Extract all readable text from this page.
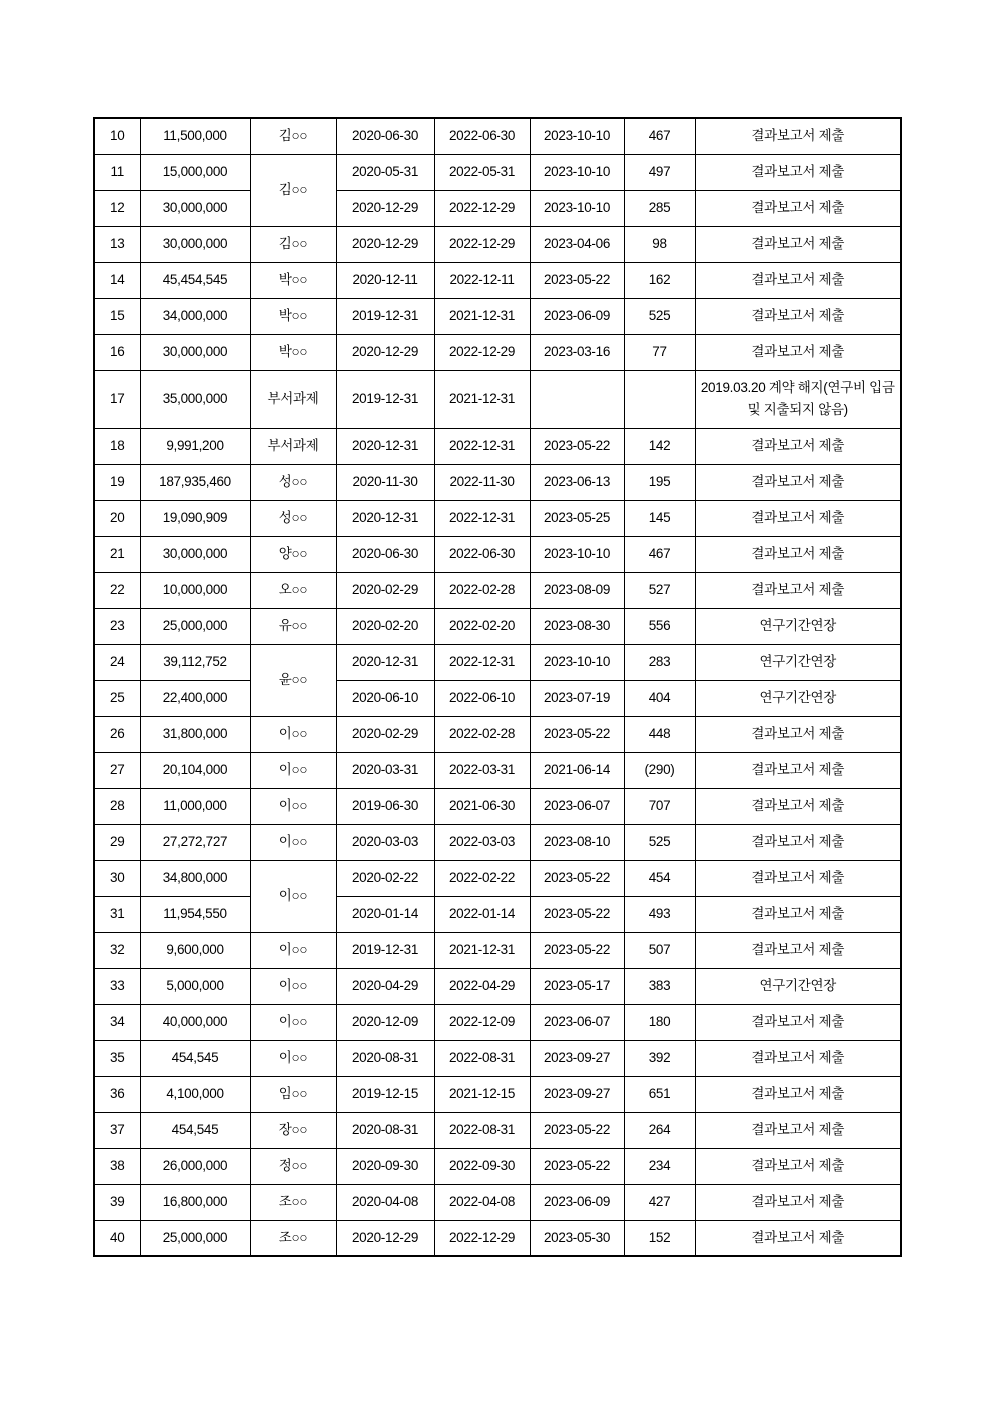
10	11,500,000	김○○	2020-06-30	2022-06-30	2023-10-10	467	결과보고서 제출
11	15,000,000	김○○	2020-05-31	2022-05-31	2023-10-10	497	결과보고서 제출
12	30,000,000		2020-12-29	2022-12-29	2023-10-10	285	결과보고서 제출
13	30,000,000	김○○	2020-12-29	2022-12-29	2023-04-06	98	결과보고서 제출
14	45,454,545	박○○	2020-12-11	2022-12-11	2023-05-22	162	결과보고서 제출
15	34,000,000	박○○	2019-12-31	2021-12-31	2023-06-09	525	결과보고서 제출
16	30,000,000	박○○	2020-12-29	2022-12-29	2023-03-16	77	결과보고서 제출
17	35,000,000	부서과제	2019-12-31	2021-12-31			2019.03.20 계약 해지(연구비 입금 및 지출되지 않음)
18	9,991,200	부서과제	2020-12-31	2022-12-31	2023-05-22	142	결과보고서 제출
19	187,935,460	성○○	2020-11-30	2022-11-30	2023-06-13	195	결과보고서 제출
20	19,090,909	성○○	2020-12-31	2022-12-31	2023-05-25	145	결과보고서 제출
21	30,000,000	양○○	2020-06-30	2022-06-30	2023-10-10	467	결과보고서 제출
22	10,000,000	오○○	2020-02-29	2022-02-28	2023-08-09	527	결과보고서 제출
23	25,000,000	유○○	2020-02-20	2022-02-20	2023-08-30	556	연구기간연장
24	39,112,752	윤○○	2020-12-31	2022-12-31	2023-10-10	283	연구기간연장
25	22,400,000		2020-06-10	2022-06-10	2023-07-19	404	연구기간연장
26	31,800,000	이○○	2020-02-29	2022-02-28	2023-05-22	448	결과보고서 제출
27	20,104,000	이○○	2020-03-31	2022-03-31	2021-06-14	(290)	결과보고서 제출
28	11,000,000	이○○	2019-06-30	2021-06-30	2023-06-07	707	결과보고서 제출
29	27,272,727	이○○	2020-03-03	2022-03-03	2023-08-10	525	결과보고서 제출
30	34,800,000	이○○	2020-02-22	2022-02-22	2023-05-22	454	결과보고서 제출
31	11,954,550		2020-01-14	2022-01-14	2023-05-22	493	결과보고서 제출
32	9,600,000	이○○	2019-12-31	2021-12-31	2023-05-22	507	결과보고서 제출
33	5,000,000	이○○	2020-04-29	2022-04-29	2023-05-17	383	연구기간연장
34	40,000,000	이○○	2020-12-09	2022-12-09	2023-06-07	180	결과보고서 제출
35	454,545	이○○	2020-08-31	2022-08-31	2023-09-27	392	결과보고서 제출
36	4,100,000	임○○	2019-12-15	2021-12-15	2023-09-27	651	결과보고서 제출
37	454,545	장○○	2020-08-31	2022-08-31	2023-05-22	264	결과보고서 제출
38	26,000,000	정○○	2020-09-30	2022-09-30	2023-05-22	234	결과보고서 제출
39	16,800,000	조○○	2020-04-08	2022-04-08	2023-06-09	427	결과보고서 제출
40	25,000,000	조○○	2020-12-29	2022-12-29	2023-05-30	152	결과보고서 제출
